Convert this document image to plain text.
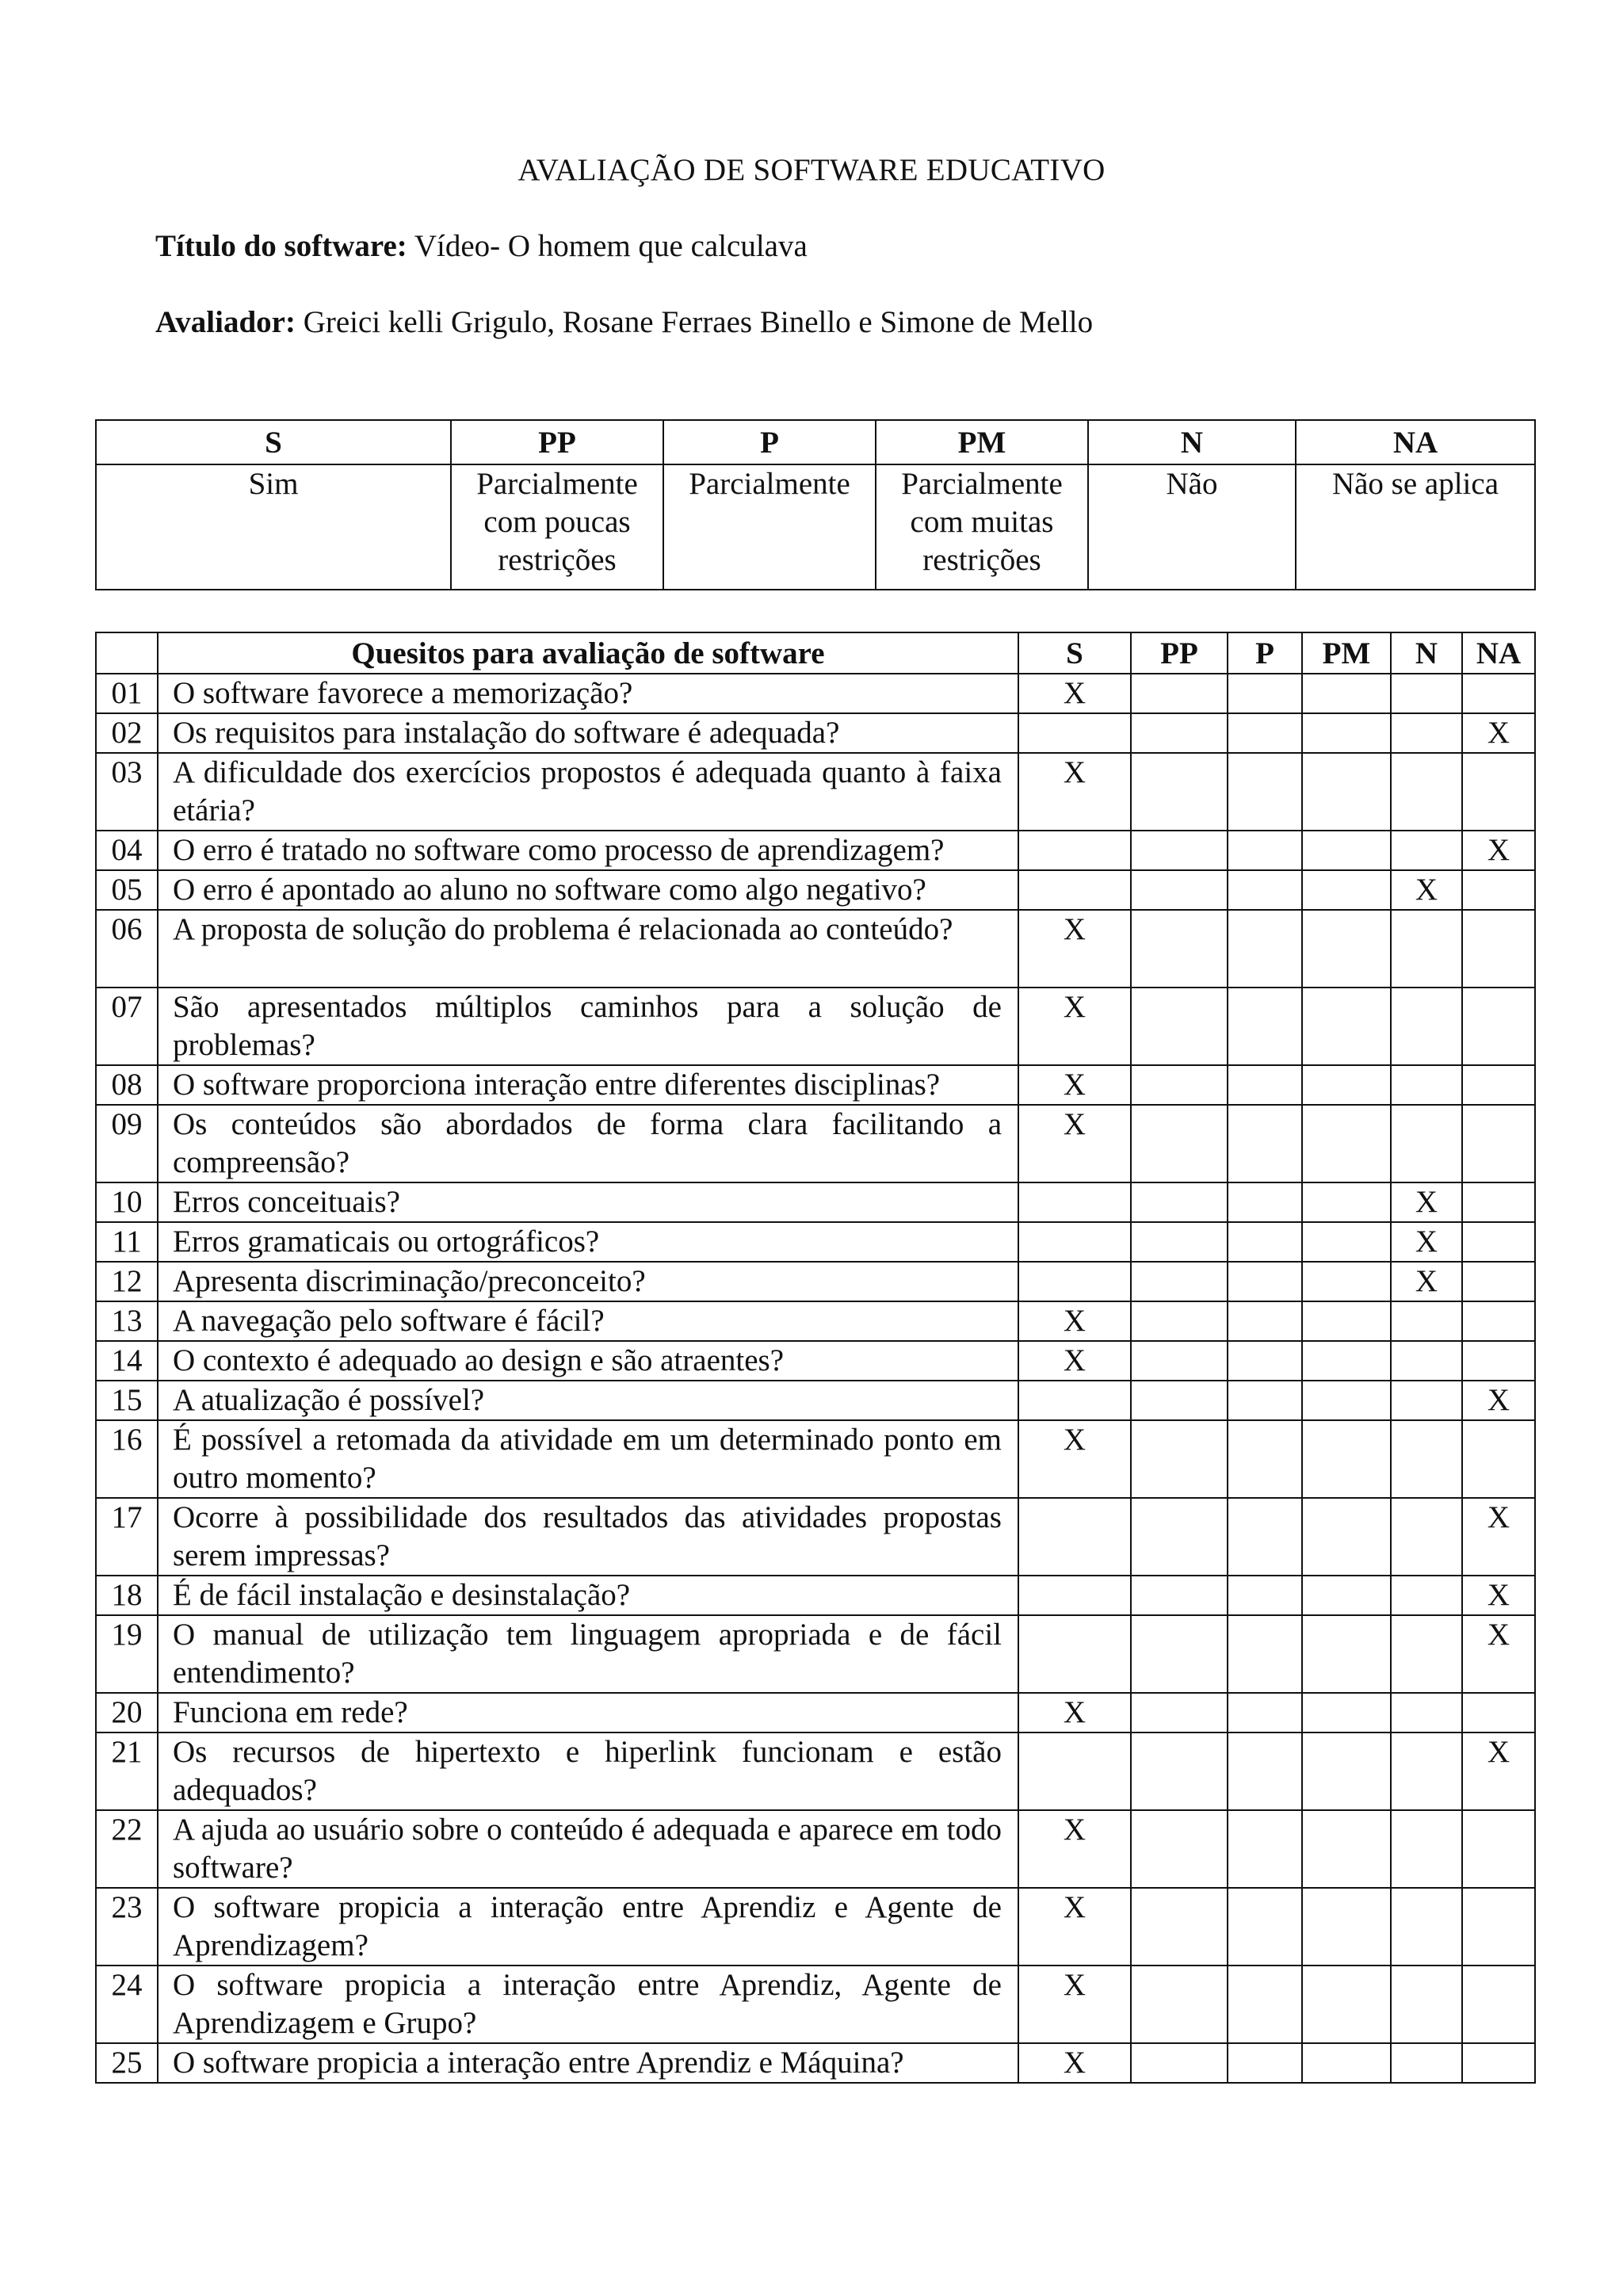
AVALIAÇÃO DE SOFTWARE EDUCATIVO
Título do software: Vídeo- O homem que calculava
Avaliador: Greici kelli Grigulo, Rosane Ferraes Binello e Simone de Mello
S	PP	P	PM	N	NA
Sim	Parcialmente com poucas restrições	Parcialmente	Parcialmente com muitas restrições	Não	Não se aplica
	Quesitos para avaliação de software	S	PP	P	PM	N	NA
01	O software favorece a memorização?	X					
02	Os requisitos para instalação do software é adequada?						X
03	A dificuldade dos exercícios propostos é adequada quanto à faixa etária?	X					
04	O erro é tratado no software como processo de aprendizagem?						X
05	O erro é apontado ao aluno no software como algo negativo?					X	
06	A proposta de solução do problema é relacionada ao conteúdo?	X					
07	São apresentados múltiplos caminhos para a solução de problemas?	X					
08	O software proporciona interação entre diferentes disciplinas?	X					
09	Os conteúdos são abordados de forma clara facilitando a compreensão?	X					
10	Erros conceituais?					X	
11	Erros gramaticais ou ortográficos?					X	
12	Apresenta discriminação/preconceito?					X	
13	A navegação pelo software é fácil?	X					
14	O contexto é adequado ao design e são atraentes?	X					
15	A atualização é possível?						X
16	É possível a retomada da atividade em um determinado ponto em outro momento?	X					
17	Ocorre à possibilidade dos resultados das atividades propostas serem impressas?						X
18	É de fácil instalação e desinstalação?						X
19	O manual de utilização tem linguagem apropriada e de fácil entendimento?						X
20	Funciona em rede?	X					
21	Os recursos de hipertexto e hiperlink funcionam e estão adequados?						X
22	A ajuda ao usuário sobre o conteúdo é adequada e aparece em todo software?	X					
23	O software propicia a interação entre Aprendiz e Agente de Aprendizagem?	X					
24	O software propicia a interação entre Aprendiz, Agente de Aprendizagem e Grupo?	X					
25	O software propicia a interação entre Aprendiz e Máquina?	X					
